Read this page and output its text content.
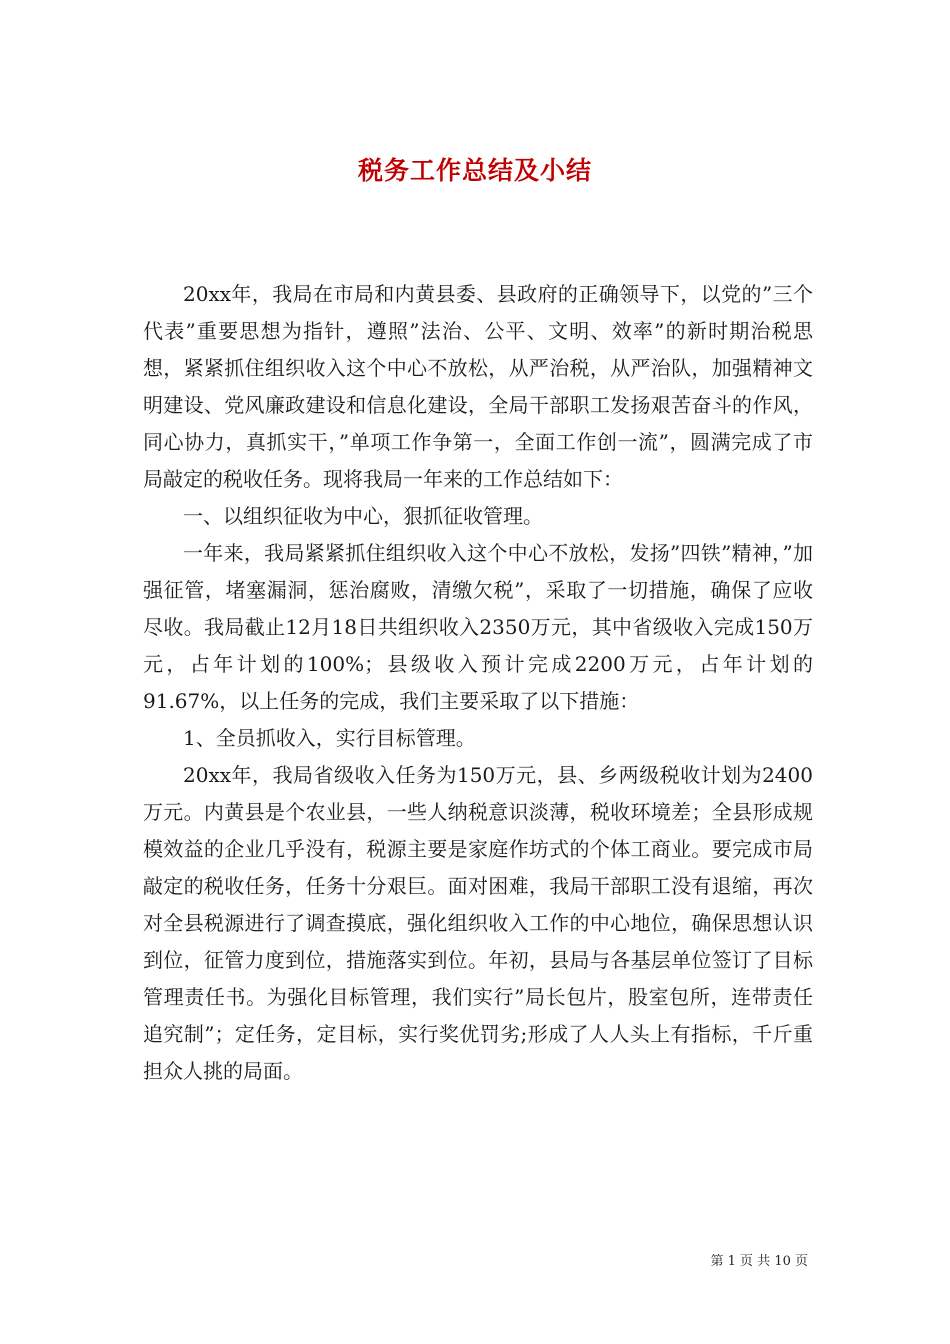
税务工作总结及小结

20xx年，我局在市局和内黄县委、县政府的正确领导下，以党的”三个代表”重要思想为指针，遵照”法治、公平、文明、效率”的新时期治税思想，紧紧抓住组织收入这个中心不放松，从严治税，从严治队，加强精神文明建设、党风廉政建设和信息化建设，全局干部职工发扬艰苦奋斗的作风，同心协力，真抓实干，”单项工作争第一，全面工作创一流”，圆满完成了市局敲定的税收任务。现将我局一年来的工作总结如下：

一、以组织征收为中心，狠抓征收管理。

一年来，我局紧紧抓住组织收入这个中心不放松，发扬”四铁”精神，”加强征管，堵塞漏洞，惩治腐败，清缴欠税”，采取了一切措施，确保了应收尽收。我局截止12月18日共组织收入2350万元，其中省级收入完成150万元，占年计划的100%；县级收入预计完成2200万元，占年计划的91.67%，以上任务的完成，我们主要采取了以下措施：

1、全员抓收入，实行目标管理。

20xx年，我局省级收入任务为150万元，县、乡两级税收计划为2400万元。内黄县是个农业县，一些人纳税意识淡薄，税收环境差；全县形成规模效益的企业几乎没有，税源主要是家庭作坊式的个体工商业。要完成市局敲定的税收任务，任务十分艰巨。面对困难，我局干部职工没有退缩，再次对全县税源进行了调查摸底，强化组织收入工作的中心地位，确保思想认识到位，征管力度到位，措施落实到位。年初，县局与各基层单位签订了目标管理责任书。为强化目标管理，我们实行”局长包片，股室包所，连带责任追究制”；定任务，定目标，实行奖优罚劣;形成了人人头上有指标，千斤重担众人挑的局面。

第 1 页 共 10 页
